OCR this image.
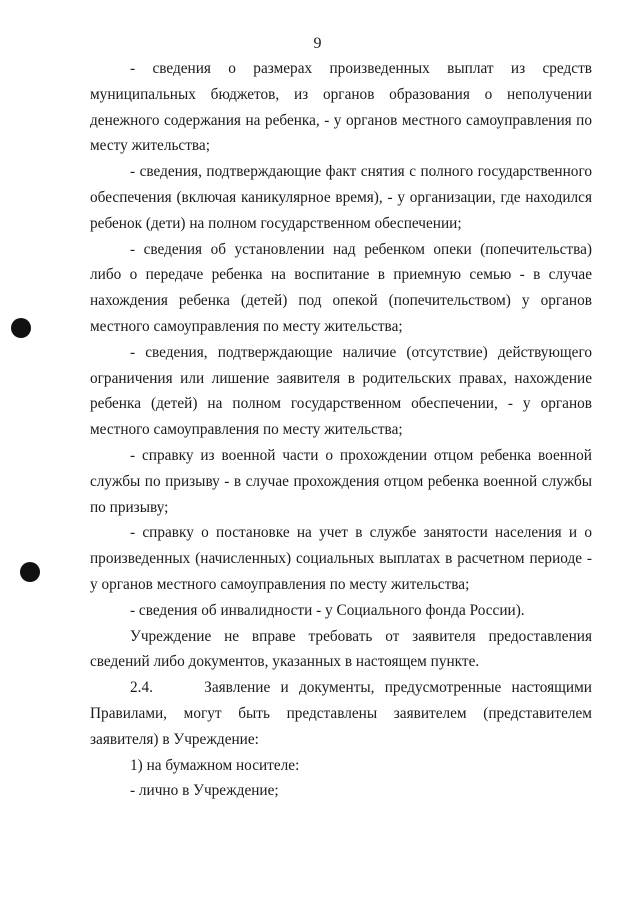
9

- сведения о размерах произведенных выплат из средств муниципальных бюджетов, из органов образования о неполучении денежного содержания на ребенка, - у органов местного самоуправления по месту жительства;

- сведения, подтверждающие факт снятия с полного государственного обеспечения (включая каникулярное время), - у организации, где находился ребенок (дети) на полном государственном обеспечении;

- сведения об установлении над ребенком опеки (попечительства) либо о передаче ребенка на воспитание в приемную семью - в случае нахождения ребенка (детей) под опекой (попечительством) у органов местного самоуправления по месту жительства;

- сведения, подтверждающие наличие (отсутствие) действующего ограничения или лишение заявителя в родительских правах, нахождение ребенка (детей) на полном государственном обеспечении, - у органов местного самоуправления по месту жительства;

- справку из военной части о прохождении отцом ребенка военной службы по призыву - в случае прохождения отцом ребенка военной службы по призыву;

- справку о постановке на учет в службе занятости населения и о произведенных (начисленных) социальных выплатах в расчетном периоде - у органов местного самоуправления по месту жительства;

- сведения об инвалидности - у Социального фонда России).

Учреждение не вправе требовать от заявителя предоставления сведений либо документов, указанных в настоящем пункте.

2.4.     Заявление и документы, предусмотренные настоящими Правилами, могут быть представлены заявителем (представителем заявителя) в Учреждение:

1) на бумажном носителе:

- лично в Учреждение;
